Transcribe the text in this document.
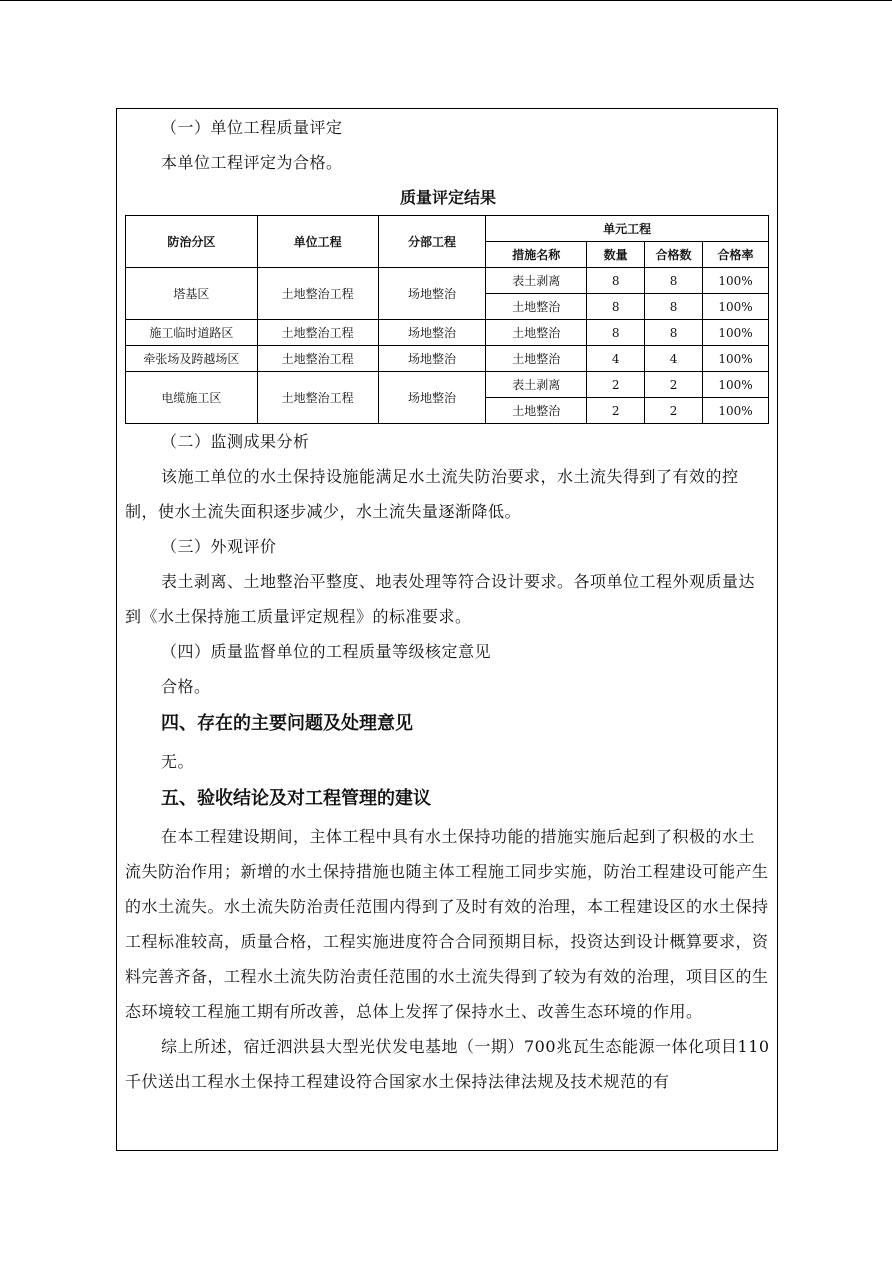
（一）单位工程质量评定

本单位工程评定为合格。

质量评定结果

防治分区	单位工程	分部工程	单元工程			
			措施名称	数量	合格数	合格率
塔基区	土地整治工程	场地整治	表土剥离	8	8	100%
			土地整治	8	8	100%
施工临时道路区	土地整治工程	场地整治	土地整治	8	8	100%
牵张场及跨越场区	土地整治工程	场地整治	土地整治	4	4	100%
电缆施工区	土地整治工程	场地整治	表土剥离	2	2	100%
			土地整治	2	2	100%

（二）监测成果分析

该施工单位的水土保持设施能满足水土流失防治要求，水土流失得到了有效的控制，使水土流失面积逐步减少，水土流失量逐渐降低。

（三）外观评价

表土剥离、土地整治平整度、地表处理等符合设计要求。各项单位工程外观质量达到《水土保持施工质量评定规程》的标准要求。

（四）质量监督单位的工程质量等级核定意见

合格。

四、存在的主要问题及处理意见

无。

五、验收结论及对工程管理的建议

在本工程建设期间，主体工程中具有水土保持功能的措施实施后起到了积极的水土流失防治作用；新增的水土保持措施也随主体工程施工同步实施，防治工程建设可能产生的水土流失。水土流失防治责任范围内得到了及时有效的治理，本工程建设区的水土保持工程标准较高，质量合格，工程实施进度符合合同预期目标，投资达到设计概算要求，资料完善齐备，工程水土流失防治责任范围的水土流失得到了较为有效的治理，项目区的生态环境较工程施工期有所改善，总体上发挥了保持水土、改善生态环境的作用。

综上所述，宿迁泗洪县大型光伏发电基地（一期）700兆瓦生态能源一体化项目110千伏送出工程水土保持工程建设符合国家水土保持法律法规及技术规范的有
